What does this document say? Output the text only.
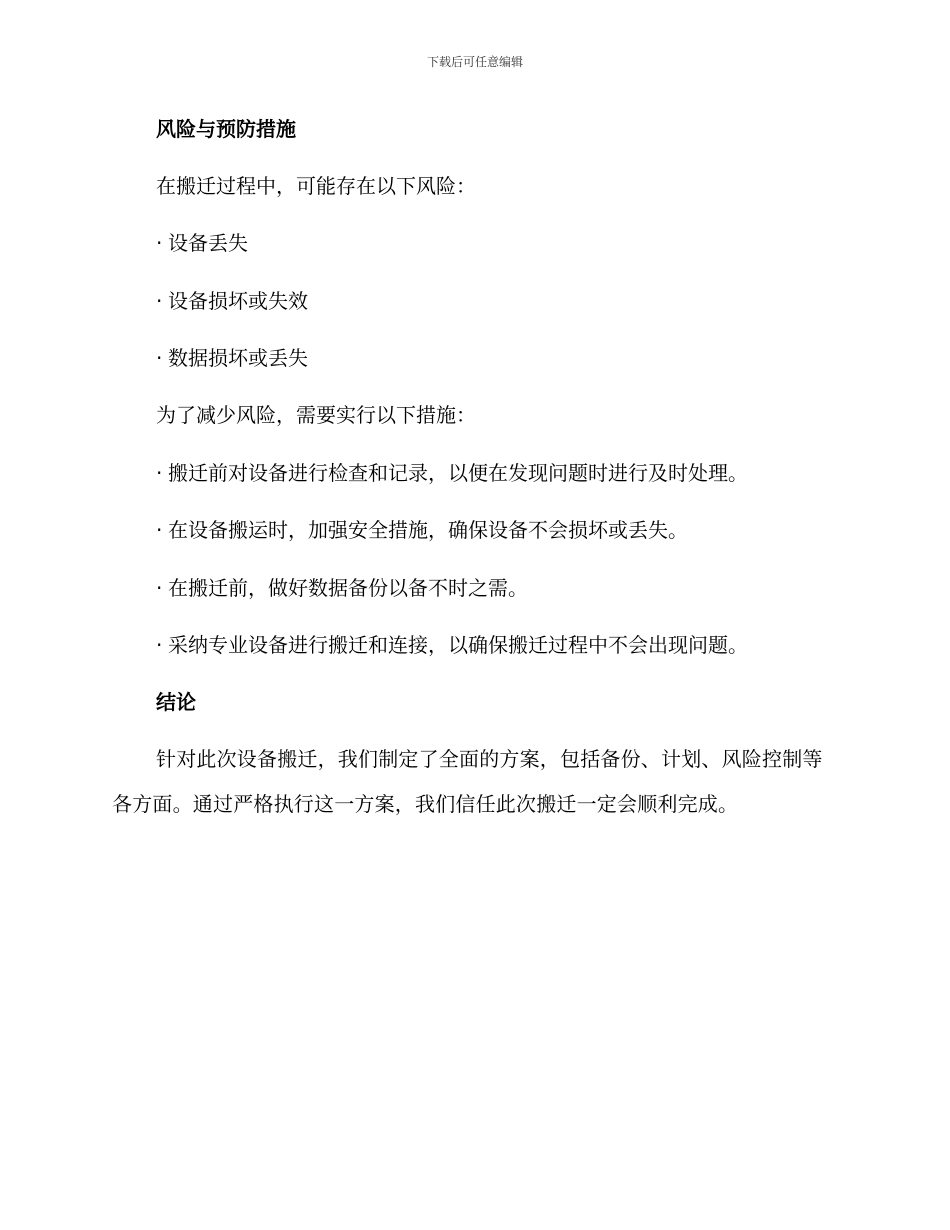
下载后可任意编辑
风险与预防措施
在搬迁过程中，可能存在以下风险：
· 设备丢失
· 设备损坏或失效
· 数据损坏或丢失
为了减少风险，需要实行以下措施：
· 搬迁前对设备进行检查和记录，以便在发现问题时进行及时处理。
· 在设备搬运时，加强安全措施，确保设备不会损坏或丢失。
· 在搬迁前，做好数据备份以备不时之需。
· 采纳专业设备进行搬迁和连接，以确保搬迁过程中不会出现问题。
结论
针对此次设备搬迁，我们制定了全面的方案，包括备份、计划、风险控制等各方面。通过严格执行这一方案，我们信任此次搬迁一定会顺利完成。
